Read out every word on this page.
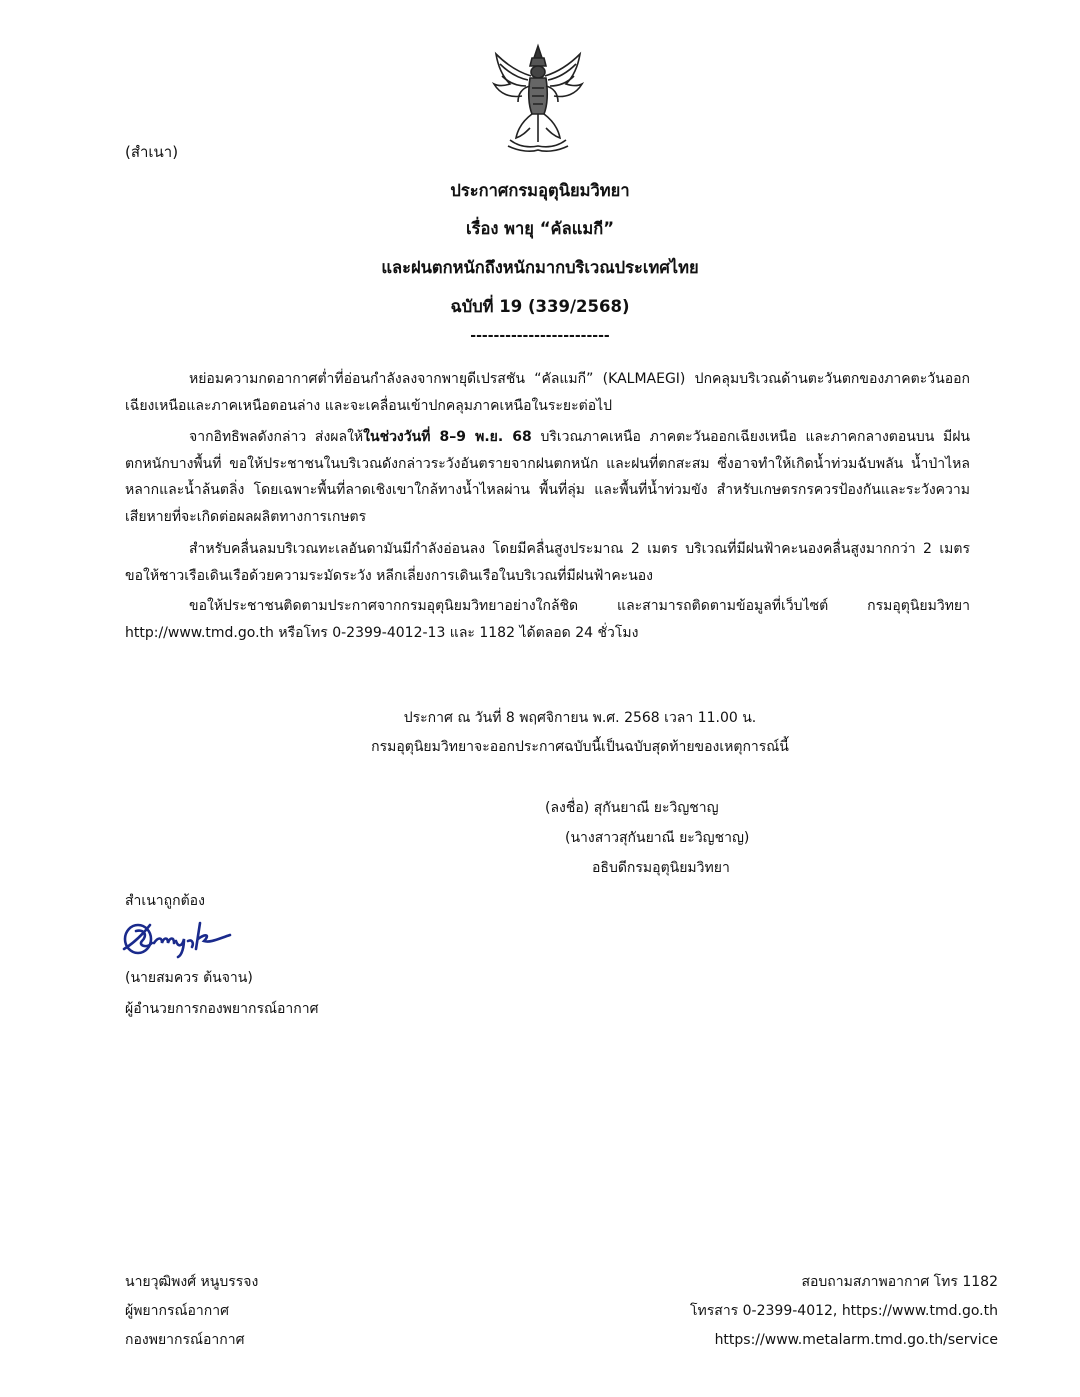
(สำเนา)
ประกาศกรมอุตุนิยมวิทยา
เรื่อง พายุ “คัลแมกี”
และฝนตกหนักถึงหนักมากบริเวณประเทศไทย
ฉบับที่ 19 (339/2568)
------------------------
หย่อมความกดอากาศต่ำที่อ่อนกำลังลงจากพายุดีเปรสชัน “คัลแมกี” (KALMAEGI) ปกคลุมบริเวณด้านตะวันตกของภาคตะวันออกเฉียงเหนือและภาคเหนือตอนล่าง และจะเคลื่อนเข้าปกคลุมภาคเหนือในระยะต่อไป
จากอิทธิพลดังกล่าว ส่งผลให้ในช่วงวันที่ 8–9 พ.ย. 68 บริเวณภาคเหนือ ภาคตะวันออกเฉียงเหนือ และภาคกลางตอนบน มีฝนตกหนักบางพื้นที่ ขอให้ประชาชนในบริเวณดังกล่าวระวังอันตรายจากฝนตกหนัก และฝนที่ตกสะสม ซึ่งอาจทำให้เกิดน้ำท่วมฉับพลัน น้ำป่าไหลหลากและน้ำล้นตลิ่ง โดยเฉพาะพื้นที่ลาดเชิงเขาใกล้ทางน้ำไหลผ่าน พื้นที่ลุ่ม และพื้นที่น้ำท่วมขัง สำหรับเกษตรกรควรป้องกันและระวังความเสียหายที่จะเกิดต่อผลผลิตทางการเกษตร
สำหรับคลื่นลมบริเวณทะเลอันดามันมีกำลังอ่อนลง โดยมีคลื่นสูงประมาณ 2 เมตร บริเวณที่มีฝนฟ้าคะนองคลื่นสูงมากกว่า 2 เมตร ขอให้ชาวเรือเดินเรือด้วยความระมัดระวัง หลีกเลี่ยงการเดินเรือในบริเวณที่มีฝนฟ้าคะนอง
ขอให้ประชาชนติดตามประกาศจากกรมอุตุนิยมวิทยาอย่างใกล้ชิด และสามารถติดตามข้อมูลที่เว็บไซต์ กรมอุตุนิยมวิทยา http://www.tmd.go.th หรือโทร 0-2399-4012-13 และ 1182 ได้ตลอด 24 ชั่วโมง
ประกาศ ณ วันที่ 8 พฤศจิกายน พ.ศ. 2568 เวลา 11.00 น.
กรมอุตุนิยมวิทยาจะออกประกาศฉบับนี้เป็นฉบับสุดท้ายของเหตุการณ์นี้
(ลงชื่อ) สุกันยาณี ยะวิญชาญ
(นางสาวสุกันยาณี ยะวิญชาญ)
อธิบดีกรมอุตุนิยมวิทยา
สำเนาถูกต้อง
(นายสมควร ต้นจาน)
ผู้อำนวยการกองพยากรณ์อากาศ
นายวุฒิพงศ์ หนูบรรจง
ผู้พยากรณ์อากาศ
กองพยากรณ์อากาศ
สอบถามสภาพอากาศ โทร 1182
โทรสาร 0-2399-4012, https://www.tmd.go.th
https://www.metalarm.tmd.go.th/service
